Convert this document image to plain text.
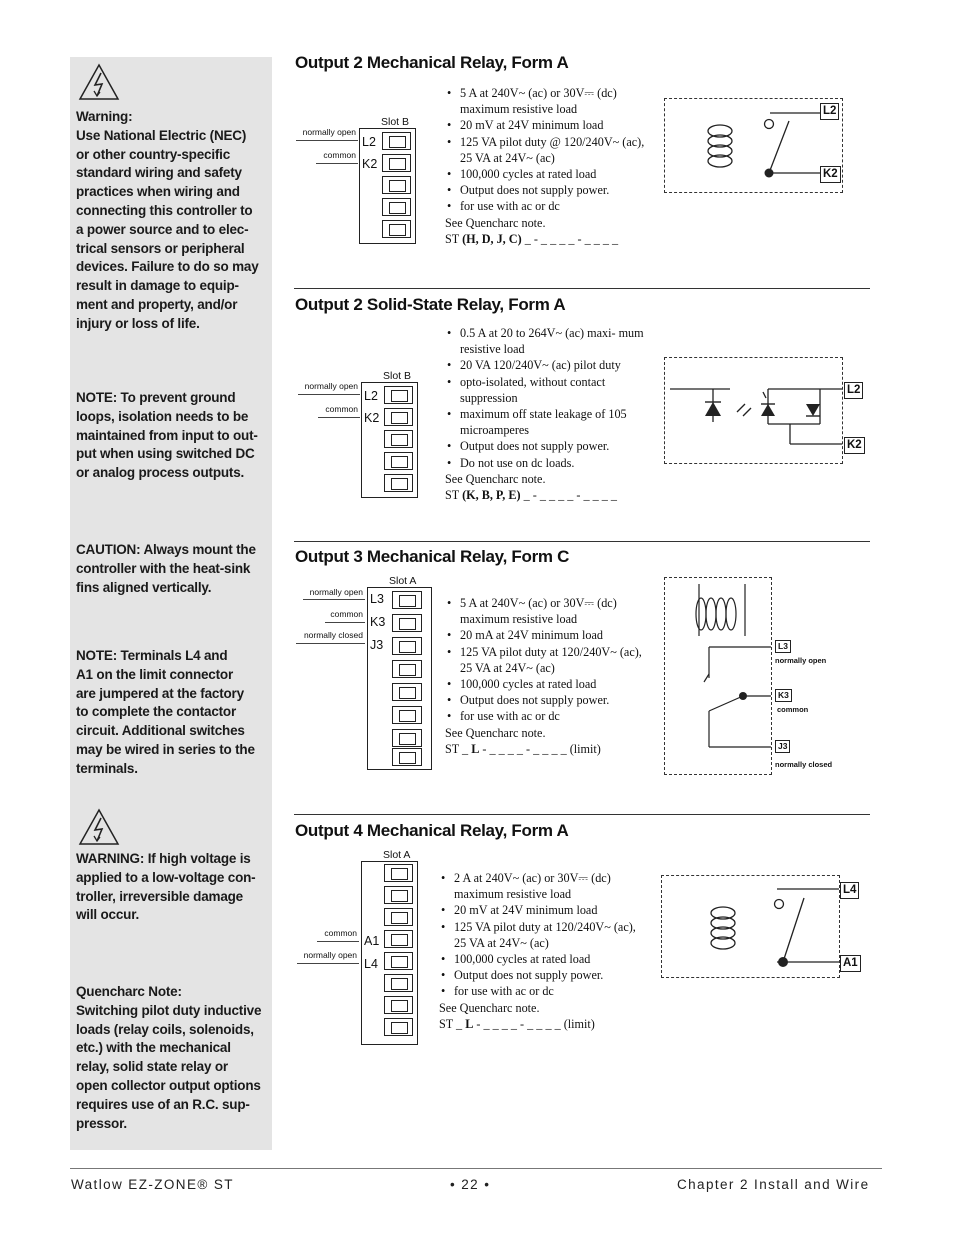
Warning:
Use National Electric (NEC)
or other country-specific
standard wiring and safety
practices when wiring and
connecting this controller to
a power source and to elec-
trical sensors or peripheral
devices. Failure to do so may
result in damage to equip-
ment and property, and/or
injury or loss of life.
NOTE: To prevent ground
loops, isolation needs to be
maintained from input to out-
put when using switched DC
or analog process outputs.
CAUTION: Always mount the
controller with the heat-sink
fins aligned vertically.
NOTE: Terminals L4 and
A1 on the limit connector
are jumpered at the factory
to complete the contactor
circuit. Additional switches
may be wired in series to the
terminals.
WARNING: If high voltage is
applied to a low-voltage con-
troller, irreversible damage
will occur.
Quencharc Note:
Switching pilot duty inductive
loads (relay coils, solenoids,
etc.) with the mechanical
relay, solid state relay or
open collector output options
requires use of an R.C. sup-
pressor.
Output 2 Mechanical Relay, Form A
Slot B
normally open
common
L2
K2
• 5 A at 240V~ (ac) or 30V⎓ (dc) maximum resistive load
• 20 mV at 24V minimum load
• 125 VA pilot duty @ 120/240V~ (ac), 25 VA at 24V~ (ac)
• 100,000 cycles at rated load
• Output does not supply power.
• for use with ac or dc

See Quencharc note.

ST (H, D, J, C) _ - _ _ _ _ - _ _ _ _

L2
K2
Output 2 Solid-State Relay, Form A
Slot B
normally open
common
L2
K2
• 0.5 A at 20 to 264V~ (ac) maxi- mum resistive load
• 20 VA 120/240V~ (ac) pilot duty
• opto-isolated, without contact suppression
• maximum off state leakage of 105 microamperes
• Output does not supply power.
• Do not use on dc loads.

See Quencharc note.

ST (K, B, P, E) _ - _ _ _ _ - _ _ _ _

L2
K2
Output 3 Mechanical Relay, Form C
Slot A
normally open
common
normally closed
L3
K3
J3
• 5 A at 240V~ (ac) or 30V⎓ (dc) maximum resistive load
• 20 mA at 24V minimum load
• 125 VA pilot duty at 120/240V~ (ac), 25 VA at 24V~ (ac)
• 100,000 cycles at rated load
• Output does not supply power.
• for use with ac or dc

See Quencharc note.

ST _ L - _ _ _ _ - _ _ _ _ (limit)

L3
normally open
K3
common
J3
normally closed
Output 4 Mechanical Relay, Form A
Slot A
common
normally open
A1
L4
• 2 A at 240V~ (ac) or 30V⎓ (dc) maximum resistive load
• 20 mV at 24V minimum load
• 125 VA pilot duty at 120/240V~ (ac), 25 VA at 24V~ (ac)
• 100,000 cycles at rated load
• Output does not supply power.
• for use with ac or dc

See Quencharc note.

ST _ L - _ _ _ _ - _ _ _ _ (limit)

L4
A1
Watlow EZ-ZONE® ST	• 22 •	Chapter 2 Install and Wire
